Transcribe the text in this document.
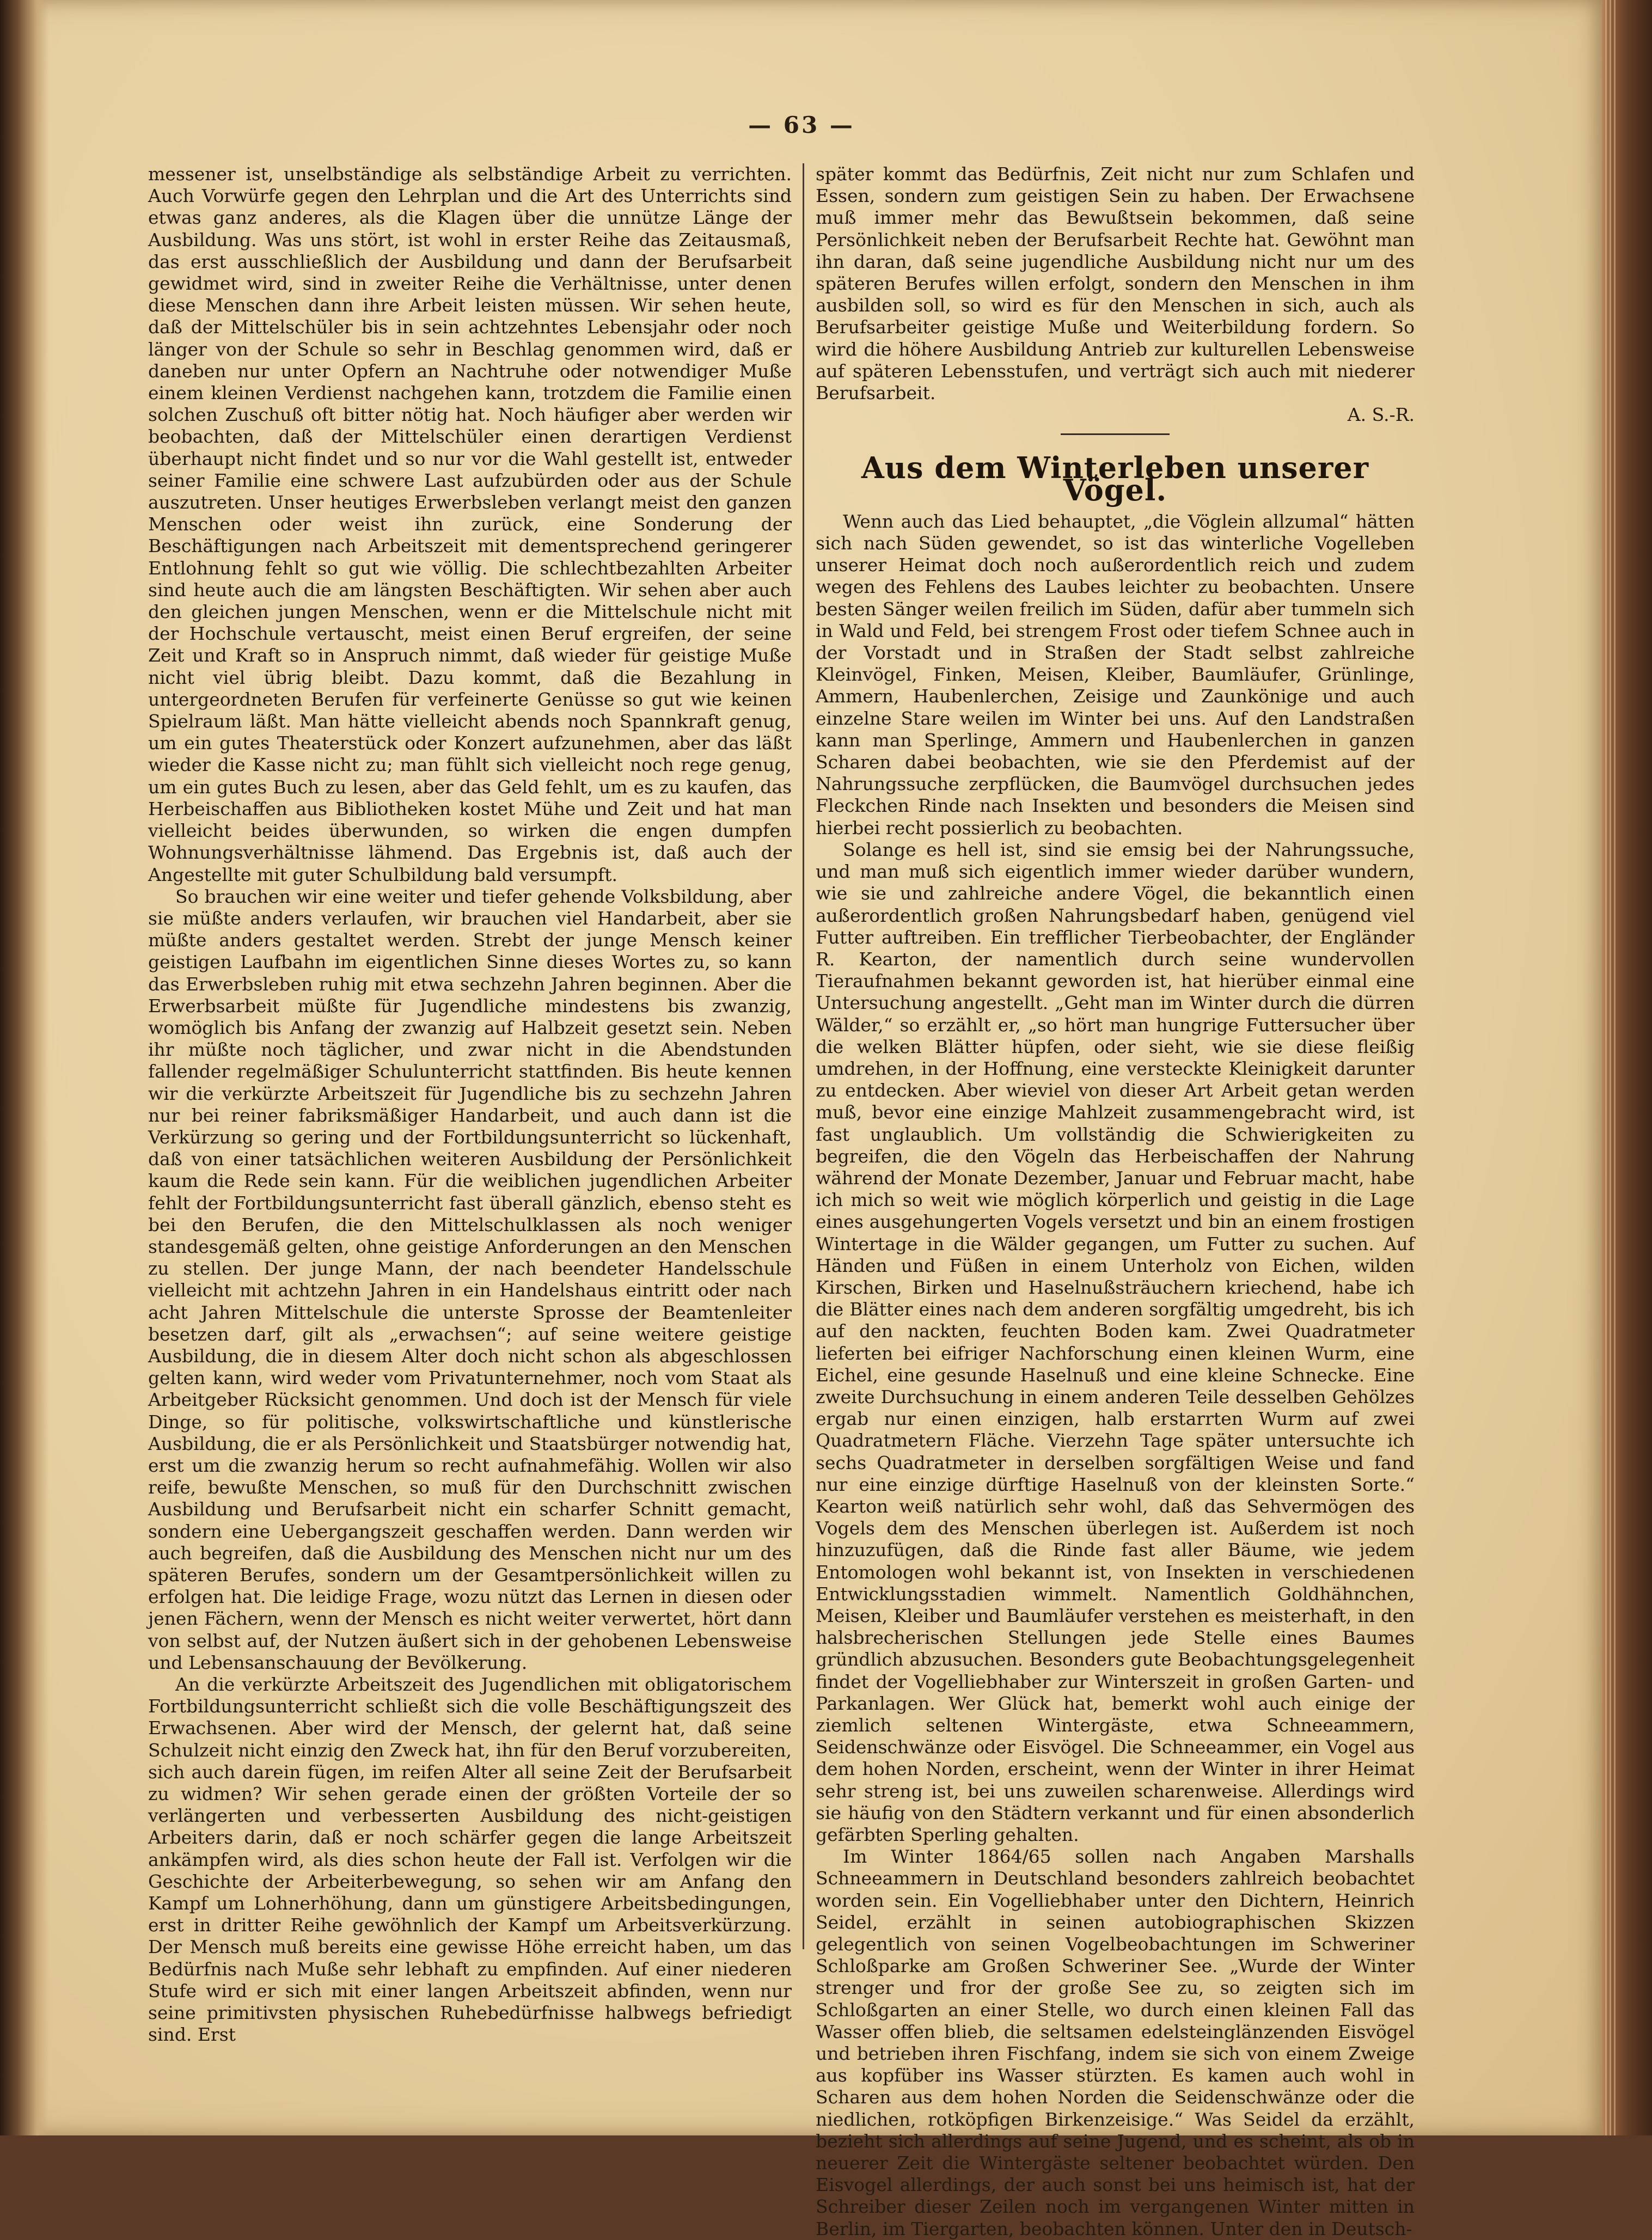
— 63 —

messener ist, unselbständige als selbständige Arbeit zu verrichten. Auch Vorwürfe gegen den Lehrplan und die Art des Unterrichts sind etwas ganz anderes, als die Klagen über die unnütze Länge der Ausbildung. Was uns stört, ist wohl in erster Reihe das Zeitausmaß, das erst ausschließlich der Ausbildung und dann der Berufsarbeit gewidmet wird, sind in zweiter Reihe die Verhältnisse, unter denen diese Menschen dann ihre Arbeit leisten müssen. Wir sehen heute, daß der Mittelschüler bis in sein achtzehntes Lebensjahr oder noch länger von der Schule so sehr in Beschlag genommen wird, daß er daneben nur unter Opfern an Nachtruhe oder notwendiger Muße einem kleinen Verdienst nachgehen kann, trotzdem die Familie einen solchen Zuschuß oft bitter nötig hat. Noch häufiger aber werden wir beobachten, daß der Mittelschüler einen derartigen Verdienst überhaupt nicht findet und so nur vor die Wahl gestellt ist, entweder seiner Familie eine schwere Last aufzubürden oder aus der Schule auszutreten. Unser heutiges Erwerbsleben verlangt meist den ganzen Menschen oder weist ihn zurück, eine Sonderung der Beschäftigungen nach Arbeitszeit mit dementsprechend geringerer Entlohnung fehlt so gut wie völlig. Die schlechtbezahlten Arbeiter sind heute auch die am längsten Beschäftigten. Wir sehen aber auch den gleichen jungen Menschen, wenn er die Mittelschule nicht mit der Hochschule vertauscht, meist einen Beruf ergreifen, der seine Zeit und Kraft so in Anspruch nimmt, daß wieder für geistige Muße nicht viel übrig bleibt. Dazu kommt, daß die Bezahlung in untergeordneten Berufen für verfeinerte Genüsse so gut wie keinen Spielraum läßt. Man hätte vielleicht abends noch Spannkraft genug, um ein gutes Theaterstück oder Konzert aufzunehmen, aber das läßt wieder die Kasse nicht zu; man fühlt sich vielleicht noch rege genug, um ein gutes Buch zu lesen, aber das Geld fehlt, um es zu kaufen, das Herbeischaffen aus Bibliotheken kostet Mühe und Zeit und hat man vielleicht beides überwunden, so wirken die engen dumpfen Wohnungsverhältnisse lähmend. Das Ergebnis ist, daß auch der Angestellte mit guter Schulbildung bald versumpft.

So brauchen wir eine weiter und tiefer gehende Volksbildung, aber sie müßte anders verlaufen, wir brauchen viel Handarbeit, aber sie müßte anders gestaltet werden. Strebt der junge Mensch keiner geistigen Laufbahn im eigentlichen Sinne dieses Wortes zu, so kann das Erwerbsleben ruhig mit etwa sechzehn Jahren beginnen. Aber die Erwerbsarbeit müßte für Jugendliche mindestens bis zwanzig, womöglich bis Anfang der zwanzig auf Halbzeit gesetzt sein. Neben ihr müßte noch täglicher, und zwar nicht in die Abendstunden fallender regelmäßiger Schulunterricht stattfinden. Bis heute kennen wir die verkürzte Arbeitszeit für Jugendliche bis zu sechzehn Jahren nur bei reiner fabriksmäßiger Handarbeit, und auch dann ist die Verkürzung so gering und der Fortbildungsunterricht so lückenhaft, daß von einer tatsächlichen weiteren Ausbildung der Persönlichkeit kaum die Rede sein kann. Für die weiblichen jugendlichen Arbeiter fehlt der Fortbildungsunterricht fast überall gänzlich, ebenso steht es bei den Berufen, die den Mittelschulklassen als noch weniger standesgemäß gelten, ohne geistige Anforderungen an den Menschen zu stellen. Der junge Mann, der nach beendeter Handelsschule vielleicht mit achtzehn Jahren in ein Handelshaus eintritt oder nach acht Jahren Mittelschule die unterste Sprosse der Beamtenleiter besetzen darf, gilt als „erwachsen“; auf seine weitere geistige Ausbildung, die in diesem Alter doch nicht schon als abgeschlossen gelten kann, wird weder vom Privatunternehmer, noch vom Staat als Arbeitgeber Rücksicht genommen. Und doch ist der Mensch für viele Dinge, so für politische, volkswirtschaftliche und künstlerische Ausbildung, die er als Persönlichkeit und Staatsbürger notwendig hat, erst um die zwanzig herum so recht aufnahmefähig. Wollen wir also reife, bewußte Menschen, so muß für den Durchschnitt zwischen Ausbildung und Berufsarbeit nicht ein scharfer Schnitt gemacht, sondern eine Uebergangszeit geschaffen werden. Dann werden wir auch begreifen, daß die Ausbildung des Menschen nicht nur um des späteren Berufes, sondern um der Gesamtpersönlichkeit willen zu erfolgen hat. Die leidige Frage, wozu nützt das Lernen in diesen oder jenen Fächern, wenn der Mensch es nicht weiter verwertet, hört dann von selbst auf, der Nutzen äußert sich in der gehobenen Lebensweise und Lebensanschauung der Bevölkerung.

An die verkürzte Arbeitszeit des Jugendlichen mit obligatorischem Fortbildungsunterricht schließt sich die volle Beschäftigungszeit des Erwachsenen. Aber wird der Mensch, der gelernt hat, daß seine Schulzeit nicht einzig den Zweck hat, ihn für den Beruf vorzubereiten, sich auch darein fügen, im reifen Alter all seine Zeit der Berufsarbeit zu widmen? Wir sehen gerade einen der größten Vorteile der so verlängerten und verbesserten Ausbildung des nicht-geistigen Arbeiters darin, daß er noch schärfer gegen die lange Arbeitszeit ankämpfen wird, als dies schon heute der Fall ist. Verfolgen wir die Geschichte der Arbeiterbewegung, so sehen wir am Anfang den Kampf um Lohnerhöhung, dann um günstigere Arbeitsbedingungen, erst in dritter Reihe gewöhnlich der Kampf um Arbeitsverkürzung. Der Mensch muß bereits eine gewisse Höhe erreicht haben, um das Bedürfnis nach Muße sehr lebhaft zu empfinden. Auf einer niederen Stufe wird er sich mit einer langen Arbeitszeit abfinden, wenn nur seine primitivsten physischen Ruhebedürfnisse halbwegs befriedigt sind. Erst

später kommt das Bedürfnis, Zeit nicht nur zum Schlafen und Essen, sondern zum geistigen Sein zu haben. Der Erwachsene muß immer mehr das Bewußtsein bekommen, daß seine Persönlichkeit neben der Berufsarbeit Rechte hat. Gewöhnt man ihn daran, daß seine jugendliche Ausbildung nicht nur um des späteren Berufes willen erfolgt, sondern den Menschen in ihm ausbilden soll, so wird es für den Menschen in sich, auch als Berufsarbeiter geistige Muße und Weiterbildung fordern. So wird die höhere Ausbildung Antrieb zur kulturellen Lebensweise auf späteren Lebensstufen, und verträgt sich auch mit niederer Berufsarbeit.

A. S.-R.

Aus dem Winterleben unserer Vögel.

Wenn auch das Lied behauptet, „die Vöglein allzumal“ hätten sich nach Süden gewendet, so ist das winterliche Vogelleben unserer Heimat doch noch außerordentlich reich und zudem wegen des Fehlens des Laubes leichter zu beobachten. Unsere besten Sänger weilen freilich im Süden, dafür aber tummeln sich in Wald und Feld, bei strengem Frost oder tiefem Schnee auch in der Vorstadt und in Straßen der Stadt selbst zahlreiche Kleinvögel, Finken, Meisen, Kleiber, Baumläufer, Grünlinge, Ammern, Haubenlerchen, Zeisige und Zaunkönige und auch einzelne Stare weilen im Winter bei uns. Auf den Landstraßen kann man Sperlinge, Ammern und Haubenlerchen in ganzen Scharen dabei beobachten, wie sie den Pferdemist auf der Nahrungssuche zerpflücken, die Baumvögel durchsuchen jedes Fleckchen Rinde nach Insekten und besonders die Meisen sind hierbei recht possierlich zu beobachten.

Solange es hell ist, sind sie emsig bei der Nahrungssuche, und man muß sich eigentlich immer wieder darüber wundern, wie sie und zahlreiche andere Vögel, die bekanntlich einen außerordentlich großen Nahrungsbedarf haben, genügend viel Futter auftreiben. Ein trefflicher Tierbeobachter, der Engländer R. Kearton, der namentlich durch seine wundervollen Tieraufnahmen bekannt geworden ist, hat hierüber einmal eine Untersuchung angestellt. „Geht man im Winter durch die dürren Wälder,“ so erzählt er, „so hört man hungrige Futtersucher über die welken Blätter hüpfen, oder sieht, wie sie diese fleißig umdrehen, in der Hoffnung, eine versteckte Kleinigkeit darunter zu entdecken. Aber wieviel von dieser Art Arbeit getan werden muß, bevor eine einzige Mahlzeit zusammengebracht wird, ist fast unglaublich. Um vollständig die Schwierigkeiten zu begreifen, die den Vögeln das Herbeischaffen der Nahrung während der Monate Dezember, Januar und Februar macht, habe ich mich so weit wie möglich körperlich und geistig in die Lage eines ausgehungerten Vogels versetzt und bin an einem frostigen Wintertage in die Wälder gegangen, um Futter zu suchen. Auf Händen und Füßen in einem Unterholz von Eichen, wilden Kirschen, Birken und Haselnußsträuchern kriechend, habe ich die Blätter eines nach dem anderen sorgfältig umgedreht, bis ich auf den nackten, feuchten Boden kam. Zwei Quadratmeter lieferten bei eifriger Nachforschung einen kleinen Wurm, eine Eichel, eine gesunde Haselnuß und eine kleine Schnecke. Eine zweite Durchsuchung in einem anderen Teile desselben Gehölzes ergab nur einen einzigen, halb erstarrten Wurm auf zwei Quadratmetern Fläche. Vierzehn Tage später untersuchte ich sechs Quadratmeter in derselben sorgfältigen Weise und fand nur eine einzige dürftige Haselnuß von der kleinsten Sorte.“ Kearton weiß natürlich sehr wohl, daß das Sehvermögen des Vogels dem des Menschen überlegen ist. Außerdem ist noch hinzuzufügen, daß die Rinde fast aller Bäume, wie jedem Entomologen wohl bekannt ist, von Insekten in verschiedenen Entwicklungsstadien wimmelt. Namentlich Goldhähnchen, Meisen, Kleiber und Baumläufer verstehen es meisterhaft, in den halsbrecherischen Stellungen jede Stelle eines Baumes gründlich abzusuchen. Besonders gute Beobachtungsgelegenheit findet der Vogelliebhaber zur Winterszeit in großen Garten- und Parkanlagen. Wer Glück hat, bemerkt wohl auch einige der ziemlich seltenen Wintergäste, etwa Schneeammern, Seidenschwänze oder Eisvögel. Die Schneeammer, ein Vogel aus dem hohen Norden, erscheint, wenn der Winter in ihrer Heimat sehr streng ist, bei uns zuweilen scharenweise. Allerdings wird sie häufig von den Städtern verkannt und für einen absonderlich gefärbten Sperling gehalten.

Im Winter 1864/65 sollen nach Angaben Marshalls Schneeammern in Deutschland besonders zahlreich beobachtet worden sein. Ein Vogelliebhaber unter den Dichtern, Heinrich Seidel, erzählt in seinen autobiographischen Skizzen gelegentlich von seinen Vogelbeobachtungen im Schweriner Schloßparke am Großen Schweriner See. „Wurde der Winter strenger und fror der große See zu, so zeigten sich im Schloßgarten an einer Stelle, wo durch einen kleinen Fall das Wasser offen blieb, die seltsamen edelsteinglänzenden Eisvögel und betrieben ihren Fischfang, indem sie sich von einem Zweige aus kopfüber ins Wasser stürzten. Es kamen auch wohl in Scharen aus dem hohen Norden die Seidenschwänze oder die niedlichen, rotköpfigen Birkenzeisige.“ Was Seidel da erzählt, bezieht sich allerdings auf seine Jugend, und es scheint, als ob in neuerer Zeit die Wintergäste seltener beobachtet würden. Den Eisvogel allerdings, der auch sonst bei uns heimisch ist, hat der Schreiber dieser Zeilen noch im vergangenen Winter mitten in Berlin, im Tiergarten, beobachten können. Unter den in Deutsch-
